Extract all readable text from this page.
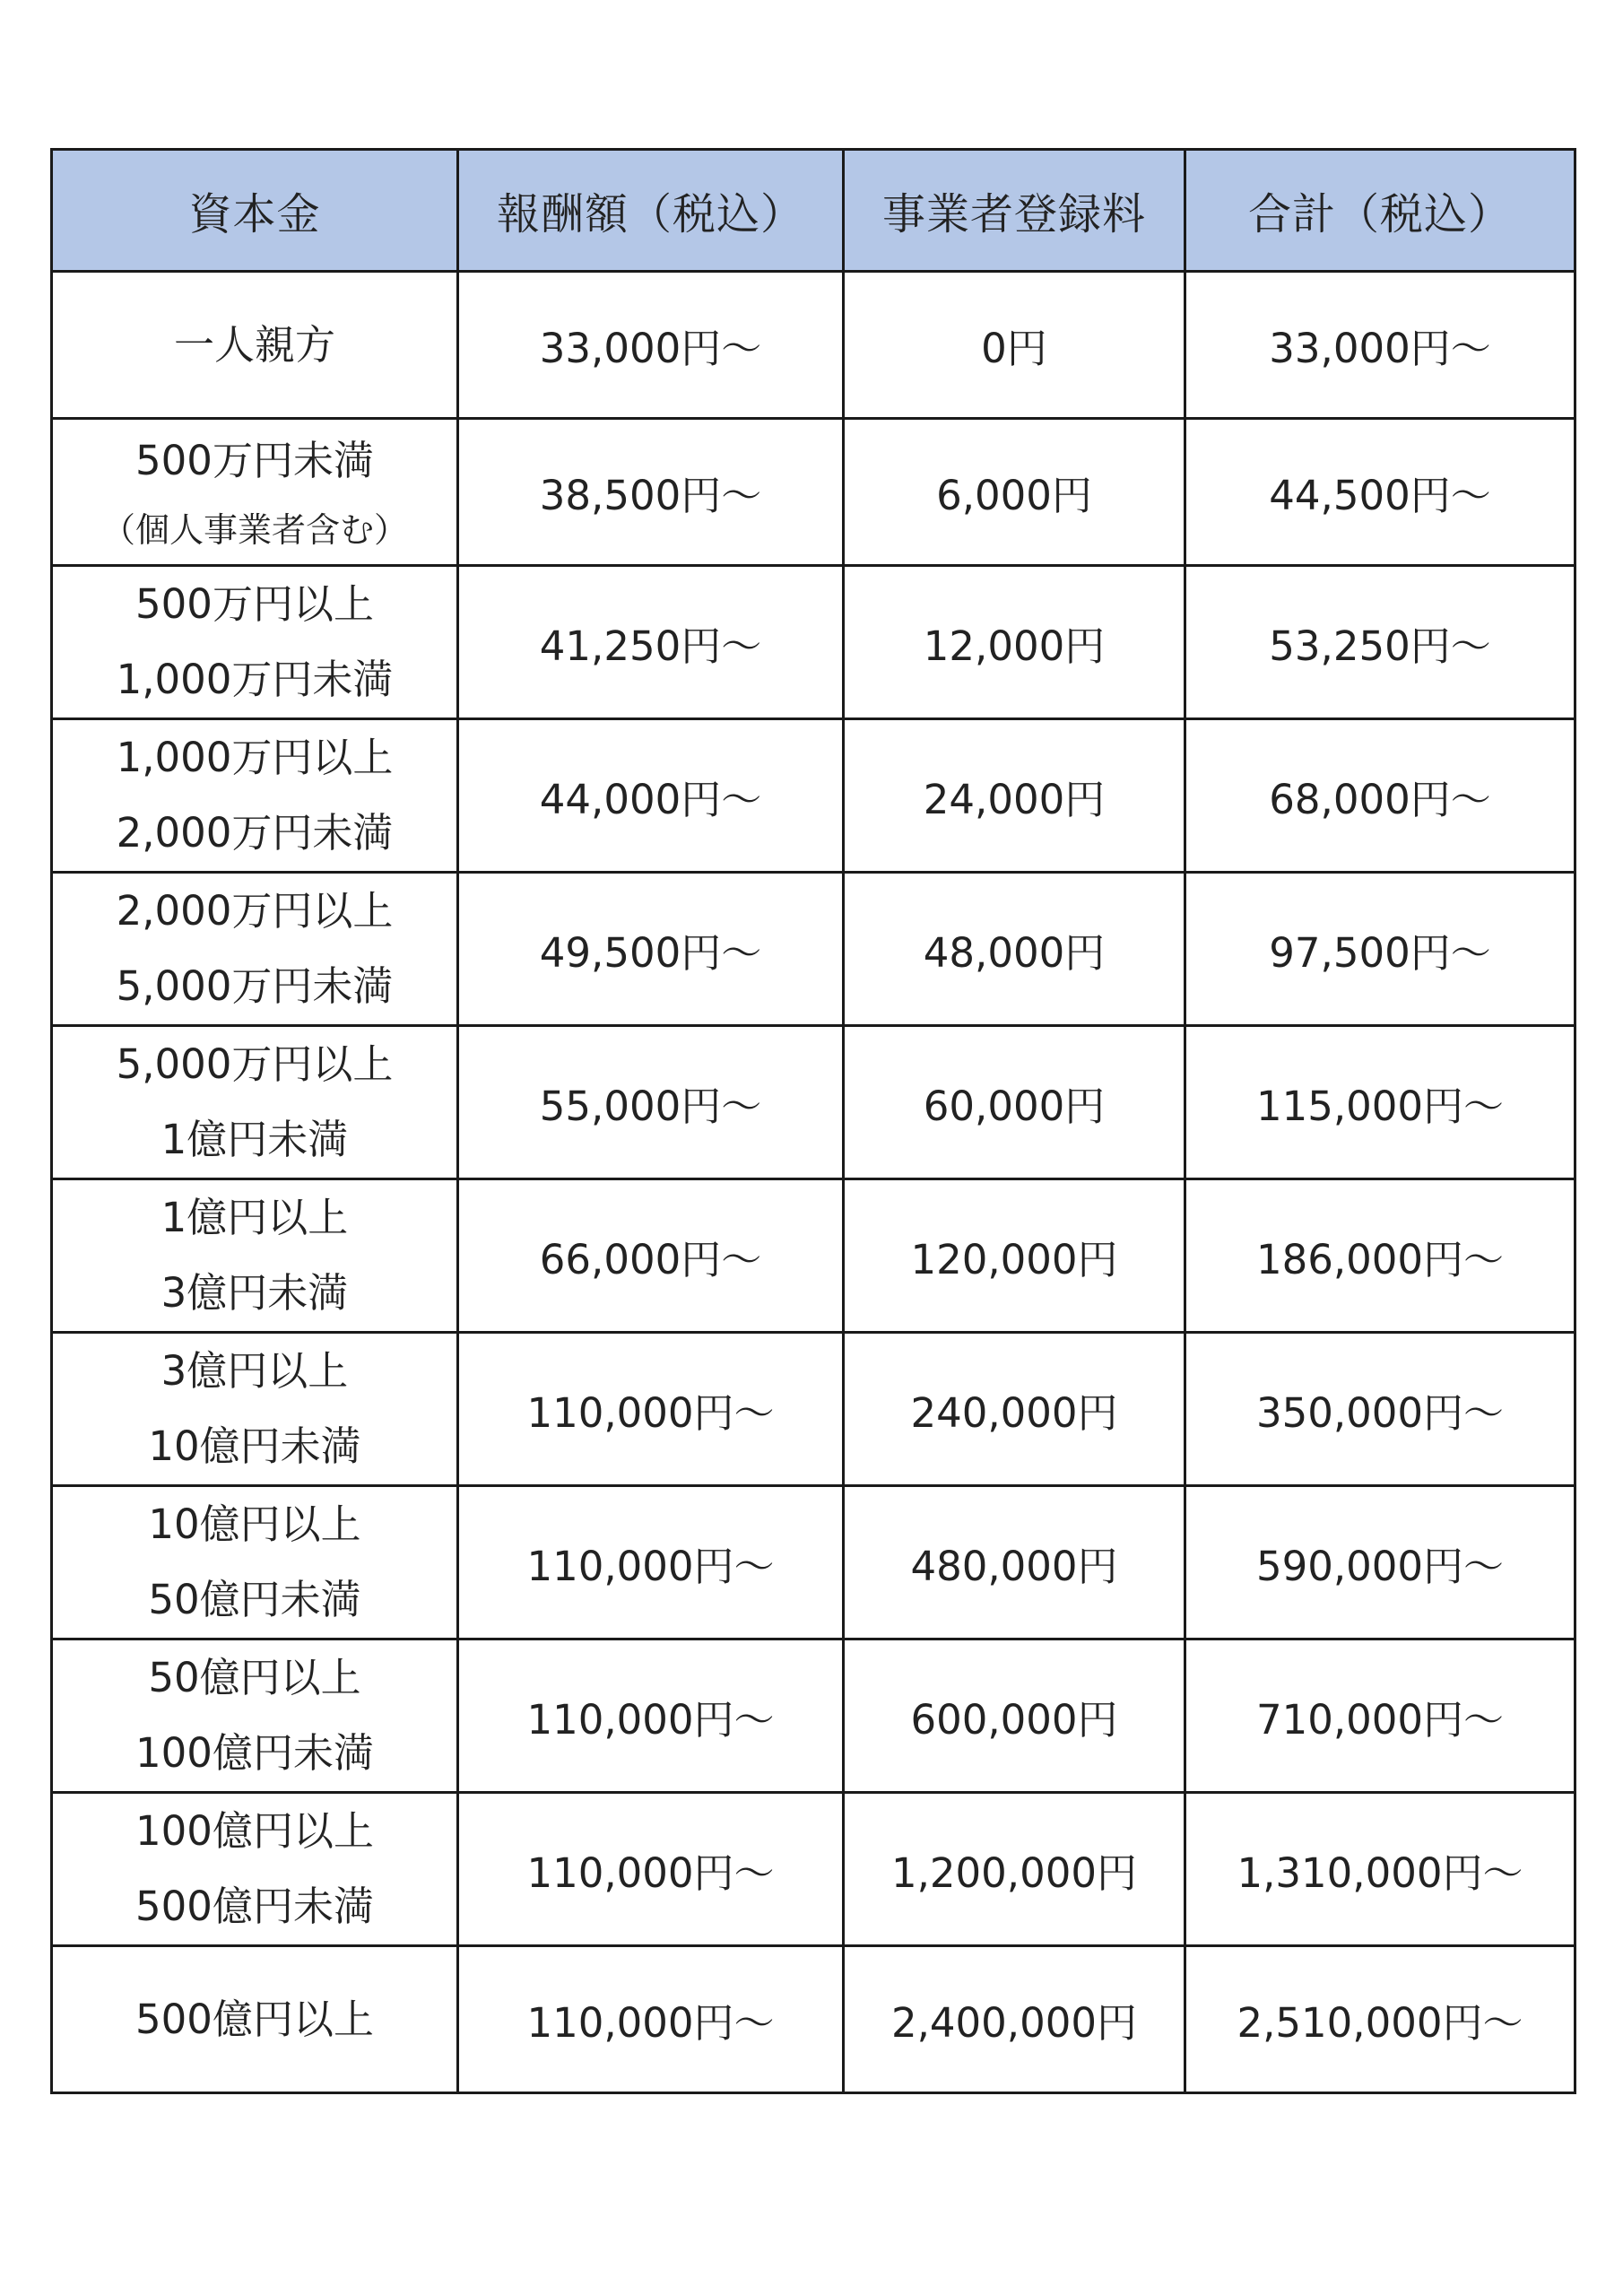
資本金	報酬額（税込）	事業者登録料	合計（税込）

一人親方	33,000円〜	0円	33,000円〜

500万円未満
（個人事業者含む）	38,500円〜	6,000円	44,500円〜

500万円以上
1,000万円未満	41,250円〜	12,000円	53,250円〜

1,000万円以上
2,000万円未満	44,000円〜	24,000円	68,000円〜

2,000万円以上
5,000万円未満	49,500円〜	48,000円	97,500円〜

5,000万円以上
1億円未満	55,000円〜	60,000円	115,000円〜

1億円以上
3億円未満	66,000円〜	120,000円	186,000円〜

3億円以上
10億円未満	110,000円〜	240,000円	350,000円〜

10億円以上
50億円未満	110,000円〜	480,000円	590,000円〜

50億円以上
100億円未満	110,000円〜	600,000円	710,000円〜

100億円以上
500億円未満	110,000円〜	1,200,000円	1,310,000円〜

500億円以上	110,000円〜	2,400,000円	2,510,000円〜
